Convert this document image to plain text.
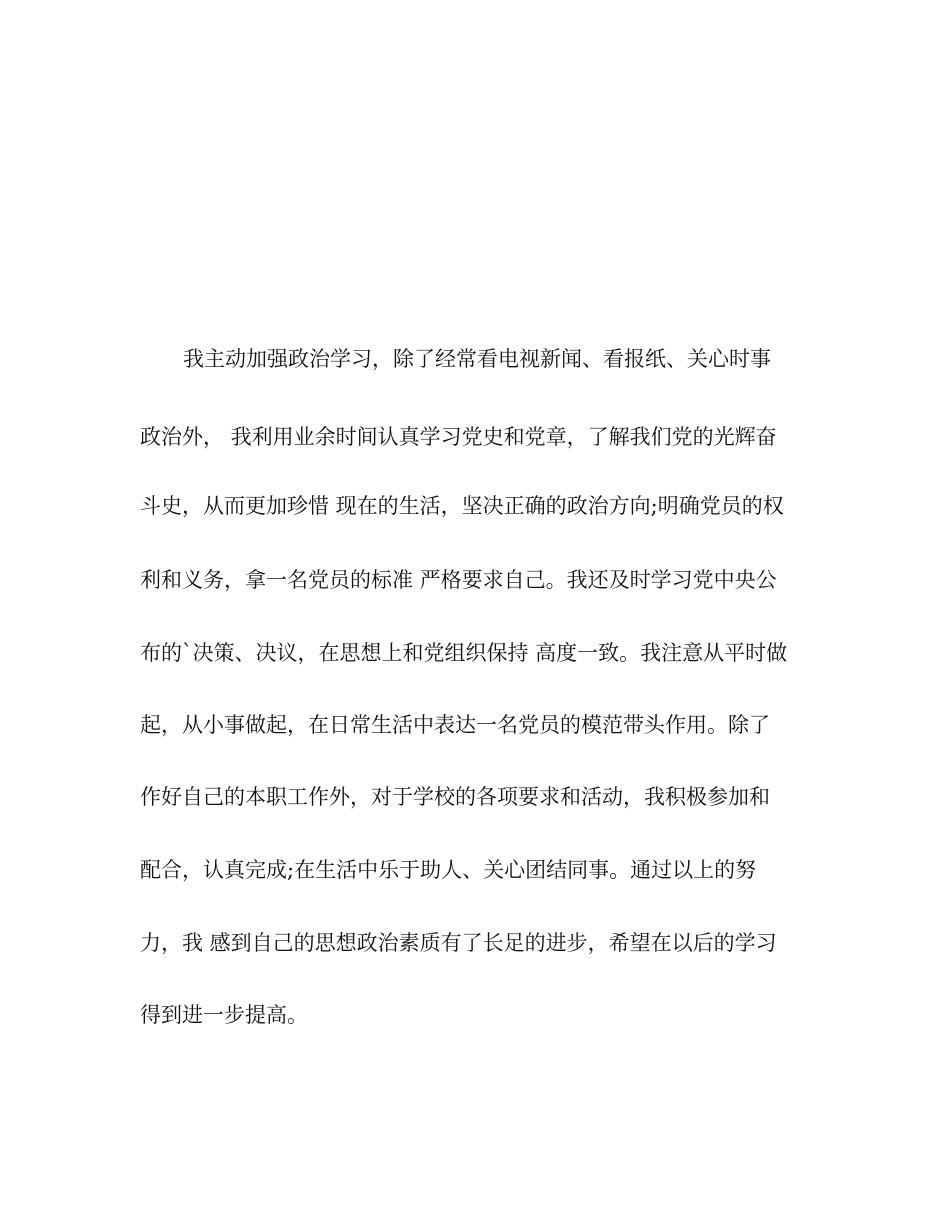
我主动加强政治学习，除了经常看电视新闻、看报纸、关心时事
政治外， 我利用业余时间认真学习党史和党章，了解我们党的光辉奋
斗史，从而更加珍惜 现在的生活，坚决正确的政治方向;明确党员的权
利和义务，拿一名党员的标准 严格要求自己。我还及时学习党中央公
布的`决策、决议，在思想上和党组织保持 高度一致。我注意从平时做
起，从小事做起，在日常生活中表达一名党员的模范带头作用。除了
作好自己的本职工作外，对于学校的各项要求和活动，我积极参加和
配合，认真完成;在生活中乐于助人、关心团结同事。通过以上的努
力，我 感到自己的思想政治素质有了长足的进步，希望在以后的学习
得到进一步提高。
